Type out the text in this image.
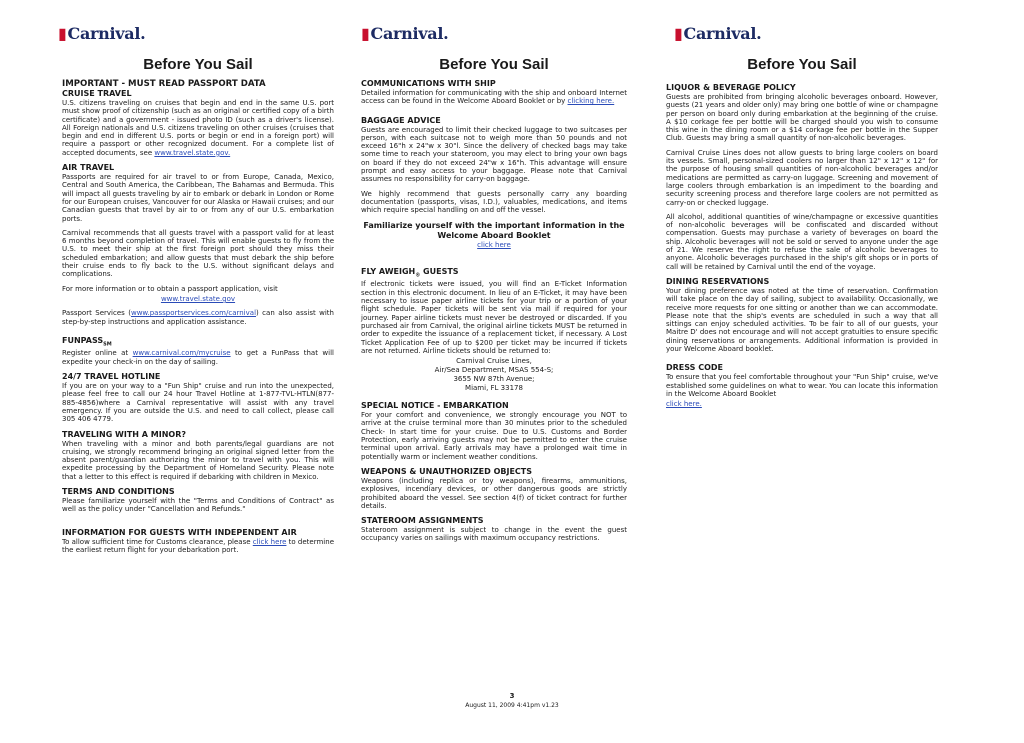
▮Carnival.
Before You Sail

IMPORTANT - MUST READ PASSPORT DATA

CRUISE TRAVEL

U.S. citizens traveling on cruises that begin and end in the same U.S. port must show proof of citizenship (such as an original or certified copy of a birth certificate) and a government - issued photo ID (such as a driver's license). All Foreign nationals and U.S. citizens traveling on other cruises (cruises that begin and end in different U.S. ports or begin or end in a foreign port) will require a passport or other recognized document. For a complete list of accepted documents, see www.travel.state.gov.

AIR TRAVEL

Passports are required for air travel to or from Europe, Canada, Mexico, Central and South America, the Caribbean, The Bahamas and Bermuda. This will impact all guests traveling by air to embark or debark in London or Rome for our European cruises, Vancouver for our Alaska or Hawaii cruises; and our Canadian guests that travel by air to or from any of our U.S. embarkation ports.

Carnival recommends that all guests travel with a passport valid for at least 6 months beyond completion of travel. This will enable guests to fly from the U.S. to meet their ship at the first foreign port should they miss their scheduled embarkation; and allow guests that must debark the ship before their cruise ends to fly back to the U.S. without significant delays and complications.

For more information or to obtain a passport application, visit

www.travel.state.gov

Passport Services (www.passportservices.com/carnival) can also assist with step-by-step instructions and application assistance.

$FUNPASS_{SM}$

Register online at www.carnival.com/mycruise to get a FunPass that will expedite your check-in on the day of sailing.

24/7 TRAVEL HOTLINE

If you are on your way to a "Fun Ship" cruise and run into the unexpected, please feel free to call our 24 hour Travel Hotline at 1-877-TVL-HTLN(877-885-4856)where a Carnival representative will assist with any travel emergency. If you are outside the U.S. and need to call collect, please call 305 406 4779.

TRAVELING WITH A MINOR?

When traveling with a minor and both parents/legal guardians are not cruising, we strongly recommend bringing an original signed letter from the absent parent/guardian authorizing the minor to travel with you. This will expedite processing by the Department of Homeland Security. Please note that a letter to this effect is required if debarking with children in Mexico.

TERMS AND CONDITIONS

Please familiarize yourself with the "Terms and Conditions of Contract" as well as the policy under "Cancellation and Refunds."

INFORMATION FOR GUESTS WITH INDEPENDENT AIR

To allow sufficient time for Customs clearance, please click here to determine the earliest return flight for your debarkation port.

▮Carnival.
Before You Sail

COMMUNICATIONS WITH SHIP

Detailed information for communicating with the ship and onboard Internet access can be found in the Welcome Aboard Booklet or by clicking here.

BAGGAGE ADVICE

Guests are encouraged to limit their checked luggage to two suitcases per person, with each suitcase not to weigh more than 50 pounds and not exceed 16"h x 24"w x 30"l. Since the delivery of checked bags may take some time to reach your stateroom, you may elect to bring your own bags on board if they do not exceed 24"w x 16"h. This advantage will ensure prompt and easy access to your baggage. Please note that Carnival assumes no responsibility for carry-on baggage.

We highly recommend that guests personally carry any boarding documentation (passports, visas, I.D.), valuables, medications, and items which require special handling on and off the vessel.

Familiarize yourself with the important information in the

Welcome Aboard Booklet

click here

FLY $AWEIGH_®$ GUESTS

If electronic tickets were issued, you will find an E-Ticket Information section in this electronic document. In lieu of an E-Ticket, it may have been necessary to issue paper airline tickets for your trip or a portion of your flight schedule. Paper tickets will be sent via mail if required for your journey. Paper airline tickets must never be destroyed or discarded. If you purchased air from Carnival, the original airline tickets MUST be returned in order to expedite the issuance of a replacement ticket, if necessary. A Lost Ticket Application Fee of up to $200 per ticket may be incurred if tickets are not returned. Airline tickets should be returned to:

Carnival Cruise Lines,
Air/Sea Department, MSAS 554-S;
3655 NW 87th Avenue;
Miami, FL 33178

SPECIAL NOTICE - EMBARKATION

For your comfort and convenience, we strongly encourage you NOT to arrive at the cruise terminal more than 30 minutes prior to the scheduled Check- In start time for your cruise. Due to U.S. Customs and Border Protection, early arriving guests may not be permitted to enter the cruise terminal upon arrival. Early arrivals may have a prolonged wait time in potentially warm or inclement weather conditions.

WEAPONS & UNAUTHORIZED OBJECTS

Weapons (including replica or toy weapons), firearms, ammunitions, explosives, incendiary devices, or other dangerous goods are strictly prohibited aboard the vessel. See section 4(f) of ticket contract for further details.

STATEROOM ASSIGNMENTS

Stateroom assignment is subject to change in the event the guest occupancy varies on sailings with maximum occupancy restrictions.

▮Carnival.
Before You Sail

LIQUOR & BEVERAGE POLICY

Guests are prohibited from bringing alcoholic beverages onboard. However, guests (21 years and older only) may bring one bottle of wine or champagne per person on board only during embarkation at the beginning of the cruise. A $10 corkage fee per bottle will be charged should you wish to consume this wine in the dining room or a $14 corkage fee per bottle in the Supper Club. Guests may bring a small quantity of non-alcoholic beverages.

Carnival Cruise Lines does not allow guests to bring large coolers on board its vessels. Small, personal-sized coolers no larger than 12" x 12" x 12" for the purpose of housing small quantities of non-alcoholic beverages and/or medications are permitted as carry-on luggage. Screening and movement of large coolers through embarkation is an impediment to the boarding and security screening process and therefore large coolers are not permitted as carry-on or checked luggage.

All alcohol, additional quantities of wine/champagne or excessive quantities of non-alcoholic beverages will be confiscated and discarded without compensation. Guests may purchase a variety of beverages on board the ship. Alcoholic beverages will not be sold or served to anyone under the age of 21. We reserve the right to refuse the sale of alcoholic beverages to anyone. Alcoholic beverages purchased in the ship's gift shops or in ports of call will be retained by Carnival until the end of the voyage.

DINING RESERVATIONS

Your dining preference was noted at the time of reservation. Confirmation will take place on the day of sailing, subject to availability. Occasionally, we receive more requests for one sitting or another than we can accommodate. Please note that the ship's events are scheduled in such a way that all sittings can enjoy scheduled activities. To be fair to all of our guests, your Maitre D' does not encourage and will not accept gratuities to ensure specific dining reservations or arrangements. Additional information is provided in your Welcome Aboard booklet.

DRESS CODE

To ensure that you feel comfortable throughout your "Fun Ship" cruise, we've established some guidelines on what to wear. You can locate this information in the Welcome Aboard Booklet

click here.

3
August 11, 2009 4:41pm v1.23
